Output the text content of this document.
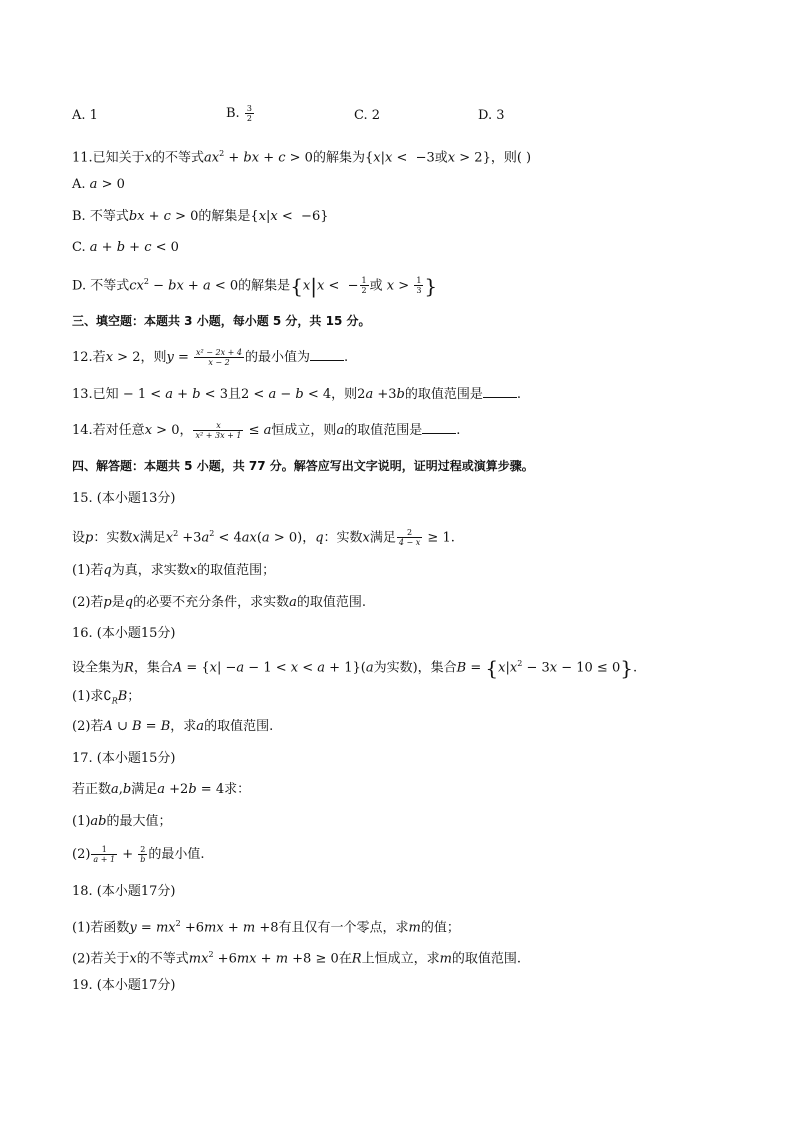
A. 1	B. $\frac{3}{2}$	C. 2	D. 3
11.已知关于x的不等式$ax^2$ + bx + c > 0的解集为{x|x <  −3或x > 2}，则( )
A. a > 0
B. 不等式bx + c > 0的解集是{x|x <  −6}
C. a + b + c < 0
D. 不等式$cx^2$ − bx + a < 0的解集是{x|x <  − $\frac{1}{2}$ 或 $x > \frac{1}{3}$ }
三、填空题：本题共 3 小题，每小题 5 分，共 15 分。
12.若x > 2，则$y = \frac{\text{x² − 2x + 4}}{x - 2}$ 的最小值为	.
13.已知 − 1 < a + b < 3且2 < a − b < 4，则2a +3b的取值范围是	.
14.若对任意x > 0， $\frac{x}{\text{x² + 3x + 1}} \le a$恒成立，则a的取值范围是	.
四、解答题：本题共 5 小题，共 77 分。解答应写出文字说明，证明过程或演算步骤。
15. (本小题13分)
设p：实数x满足$x^2 +3a^2 < 4ax(a > 0)$，q：实数x满足 $\frac{2}{4 - x} \ge 1$.
(1)若q为真，求实数x的取值范围；
(2)若p是q的必要不充分条件，求实数a的取值范围.
16. (本小题15分)
设全集为R，集合A = {x| −a − 1 < x < a + 1}(a为实数)，集合$B = \{x|x^2 - 3x - 10 \le 0\}$.
(1)求$∁_RB$；
(2)若A ∪ B = B，求a的取值范围.
17. (本小题15分)
若正数a,b满足a +2b = 4求：
(1)ab的最大值；
$(2) \frac{1}{a + 1} + \frac{2}{b}$ 的最小值.
18. (本小题17分)
(1)若函数$y = mx^2 +6mx + m +8$有且仅有一个零点，求m的值；
(2)若关于x的不等式$mx^2 +6mx + m +8 \ge 0$在R上恒成立，求m的取值范围.
19. (本小题17分)
